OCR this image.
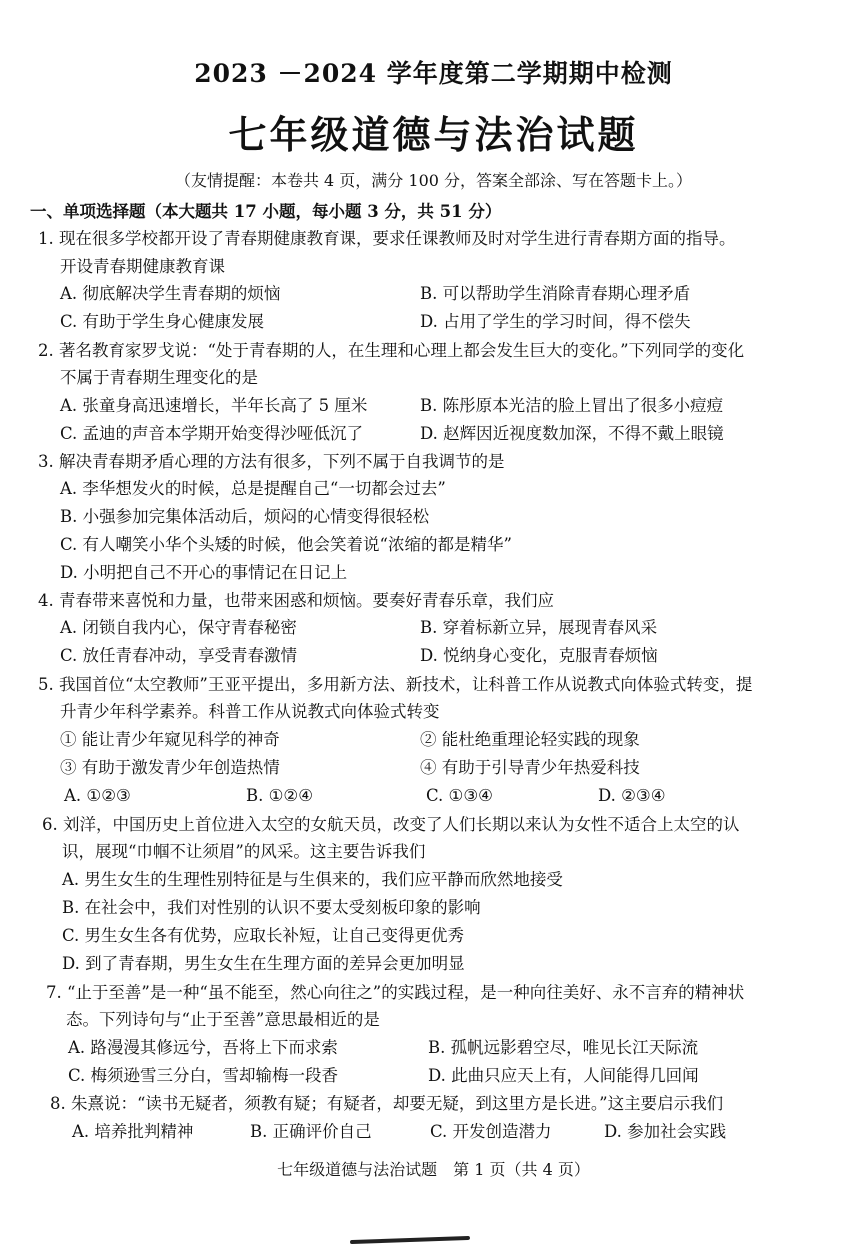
2023 －2024 学年度第二学期期中检测
七年级道德与法治试题
（友情提醒：本卷共 4 页，满分 100 分，答案全部涂、写在答题卡上。）
一、单项选择题（本大题共 17 小题，每小题 3 分，共 51 分）
1. 现在很多学校都开设了青春期健康教育课，要求任课教师及时对学生进行青春期方面的指导。
开设青春期健康教育课
A. 彻底解决学生青春期的烦恼	B. 可以帮助学生消除青春期心理矛盾
C. 有助于学生身心健康发展	D. 占用了学生的学习时间，得不偿失
2. 著名教育家罗戈说：“处于青春期的人，在生理和心理上都会发生巨大的变化。”下列同学的变化
不属于青春期生理变化的是
A. 张童身高迅速增长，半年长高了 5 厘米	B. 陈彤原本光洁的脸上冒出了很多小痘痘
C. 孟迪的声音本学期开始变得沙哑低沉了	D. 赵辉因近视度数加深，不得不戴上眼镜
3. 解决青春期矛盾心理的方法有很多，下列不属于自我调节的是
A. 李华想发火的时候，总是提醒自己“一切都会过去”
B. 小强参加完集体活动后，烦闷的心情变得很轻松
C. 有人嘲笑小华个头矮的时候，他会笑着说“浓缩的都是精华”
D. 小明把自己不开心的事情记在日记上
4. 青春带来喜悦和力量，也带来困惑和烦恼。要奏好青春乐章，我们应
A. 闭锁自我内心，保守青春秘密	B. 穿着标新立异，展现青春风采
C. 放任青春冲动，享受青春激情	D. 悦纳身心变化，克服青春烦恼
5. 我国首位“太空教师”王亚平提出，多用新方法、新技术，让科普工作从说教式向体验式转变，提
升青少年科学素养。科普工作从说教式向体验式转变
① 能让青少年窥见科学的神奇	② 能杜绝重理论轻实践的现象
③ 有助于激发青少年创造热情	④ 有助于引导青少年热爱科技
A. ①②③	B. ①②④	C. ①③④	D. ②③④
6. 刘洋，中国历史上首位进入太空的女航天员，改变了人们长期以来认为女性不适合上太空的认
识，展现“巾帼不让须眉”的风采。这主要告诉我们
A. 男生女生的生理性别特征是与生俱来的，我们应平静而欣然地接受
B. 在社会中，我们对性别的认识不要太受刻板印象的影响
C. 男生女生各有优势，应取长补短，让自己变得更优秀
D. 到了青春期，男生女生在生理方面的差异会更加明显
7. “止于至善”是一种“虽不能至，然心向往之”的实践过程，是一种向往美好、永不言弃的精神状
态。下列诗句与“止于至善”意思最相近的是
A. 路漫漫其修远兮，吾将上下而求索	B. 孤帆远影碧空尽，唯见长江天际流
C. 梅须逊雪三分白，雪却输梅一段香	D. 此曲只应天上有，人间能得几回闻
8. 朱熹说：“读书无疑者，须教有疑；有疑者，却要无疑，到这里方是长进。”这主要启示我们
A. 培养批判精神	B. 正确评价自己	C. 开发创造潜力	D. 参加社会实践
七年级道德与法治试题　第 1 页（共 4 页）
